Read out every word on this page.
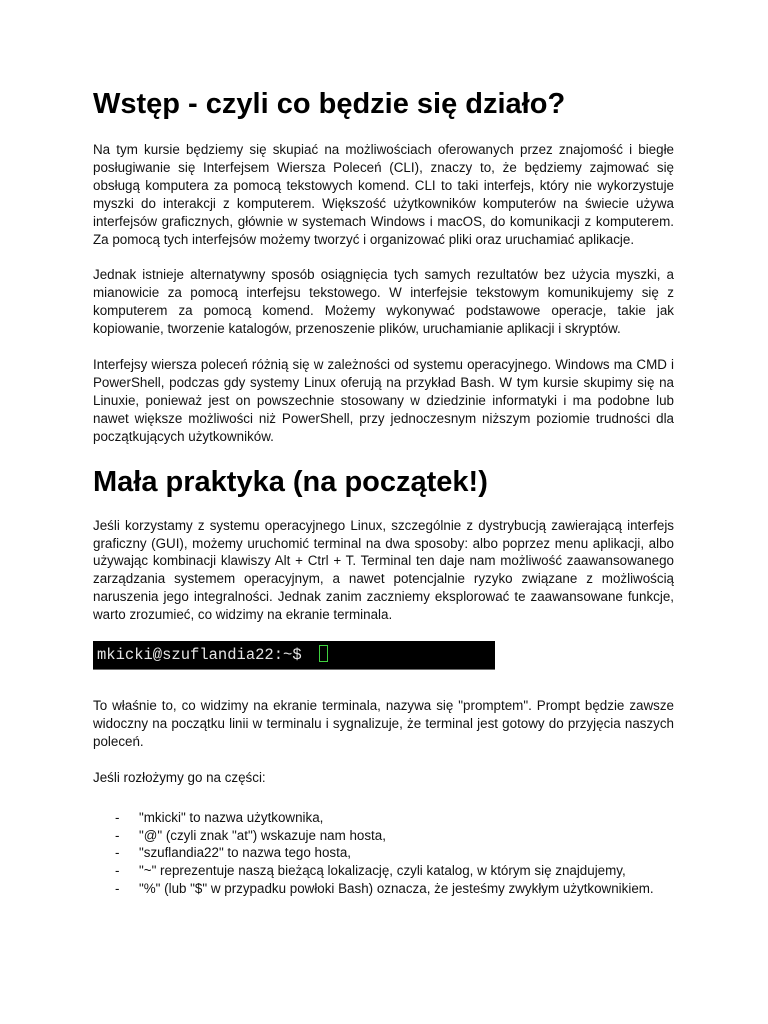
Wstęp - czyli co będzie się działo?

Na tym kursie będziemy się skupiać na możliwościach oferowanych przez znajomość i biegłe posługiwanie się Interfejsem Wiersza Poleceń (CLI), znaczy to, że będziemy zajmować się obsługą komputera za pomocą tekstowych komend. CLI to taki interfejs, który nie wykorzystuje myszki do interakcji z komputerem. Większość użytkowników komputerów na świecie używa interfejsów graficznych, głównie w systemach Windows i macOS, do komunikacji z komputerem. Za pomocą tych interfejsów możemy tworzyć i organizować pliki oraz uruchamiać aplikacje.

Jednak istnieje alternatywny sposób osiągnięcia tych samych rezultatów bez użycia myszki, a mianowicie za pomocą interfejsu tekstowego. W interfejsie tekstowym komunikujemy się z komputerem za pomocą komend. Możemy wykonywać podstawowe operacje, takie jak kopiowanie, tworzenie katalogów, przenoszenie plików, uruchamianie aplikacji i skryptów.

Interfejsy wiersza poleceń różnią się w zależności od systemu operacyjnego. Windows ma CMD i PowerShell, podczas gdy systemy Linux oferują na przykład Bash. W tym kursie skupimy się na Linuxie, ponieważ jest on powszechnie stosowany w dziedzinie informatyki i ma podobne lub nawet większe możliwości niż PowerShell, przy jednoczesnym niższym poziomie trudności dla początkujących użytkowników.

Mała praktyka (na początek!)

Jeśli korzystamy z systemu operacyjnego Linux, szczególnie z dystrybucją zawierającą interfejs graficzny (GUI), możemy uruchomić terminal na dwa sposoby: albo poprzez menu aplikacji, albo używając kombinacji klawiszy Alt + Ctrl + T. Terminal ten daje nam możliwość zaawansowanego zarządzania systemem operacyjnym, a nawet potencjalnie ryzyko związane z możliwością naruszenia jego integralności. Jednak zanim zaczniemy eksplorować te zaawansowane funkcje, warto zrozumieć, co widzimy na ekranie terminala.

mkicki@szuflandia22:~$

To właśnie to, co widzimy na ekranie terminala, nazywa się "promptem". Prompt będzie zawsze widoczny na początku linii w terminalu i sygnalizuje, że terminal jest gotowy do przyjęcia naszych poleceń.

Jeśli rozłożymy go na części:

- "mkicki" to nazwa użytkownika,
- "@" (czyli znak "at") wskazuje nam hosta,
- "szuflandia22" to nazwa tego hosta,
- "~" reprezentuje naszą bieżącą lokalizację, czyli katalog, w którym się znajdujemy,
- "%" (lub "$" w przypadku powłoki Bash) oznacza, że jesteśmy zwykłym użytkownikiem.
